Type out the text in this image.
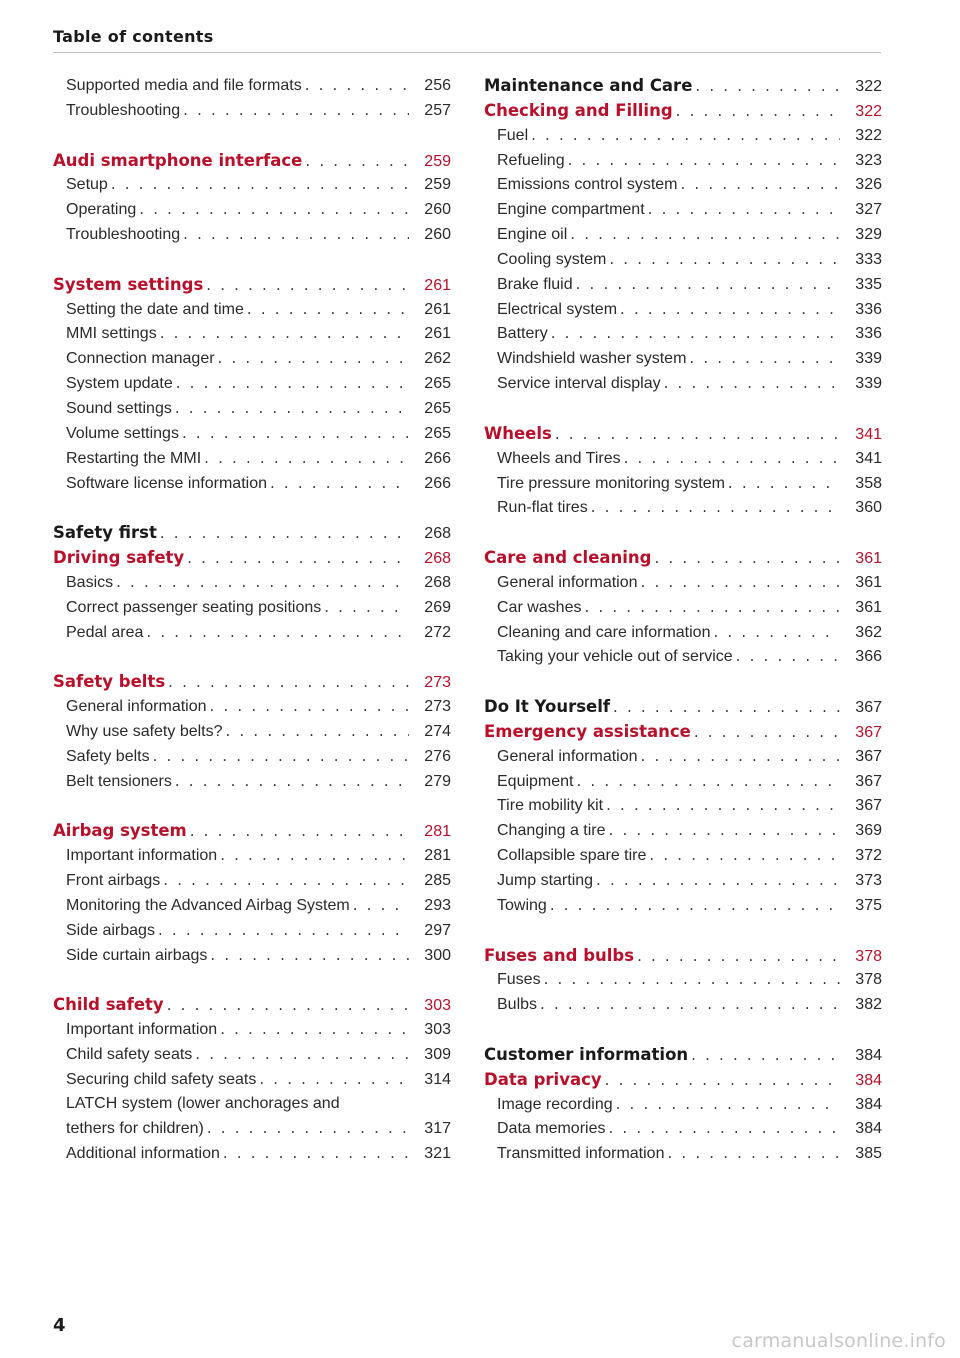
Table of contents
Supported media and file formats . . .	256
Troubleshooting . . .	257
Audi smartphone interface . . .	259
Setup . . .	259
Operating . . .	260
Troubleshooting . . .	260
System settings . . .	261
Setting the date and time . . .	261
MMI settings . . .	261
Connection manager . . .	262
System update . . .	265
Sound settings . . .	265
Volume settings . . .	265
Restarting the MMI . . .	266
Software license information . . .	266
Safety first . . .	268
Driving safety . . .	268
Basics . . .	268
Correct passenger seating positions . . .	269
Pedal area . . .	272
Safety belts . . .	273
General information . . .	273
Why use safety belts? . . .	274
Safety belts . . .	276
Belt tensioners . . .	279
Airbag system . . .	281
Important information . . .	281
Front airbags . . .	285
Monitoring the Advanced Airbag System . . .	293
Side airbags . . .	297
Side curtain airbags . . .	300
Child safety . . .	303
Important information . . .	303
Child safety seats . . .	309
Securing child safety seats . . .	314
LATCH system (lower anchorages and
tethers for children) . . .	317
Additional information . . .	321
Maintenance and Care . . .	322
Checking and Filling . . .	322
Fuel . . .	322
Refueling . . .	323
Emissions control system . . .	326
Engine compartment . . .	327
Engine oil . . .	329
Cooling system . . .	333
Brake fluid . . .	335
Electrical system . . .	336
Battery . . .	336
Windshield washer system . . .	339
Service interval display . . .	339
Wheels . . .	341
Wheels and Tires . . .	341
Tire pressure monitoring system . . .	358
Run-flat tires . . .	360
Care and cleaning . . .	361
General information . . .	361
Car washes . . .	361
Cleaning and care information . . .	362
Taking your vehicle out of service . . .	366
Do It Yourself . . .	367
Emergency assistance . . .	367
General information . . .	367
Equipment . . .	367
Tire mobility kit . . .	367
Changing a tire . . .	369
Collapsible spare tire . . .	372
Jump starting . . .	373
Towing . . .	375
Fuses and bulbs . . .	378
Fuses . . .	378
Bulbs . . .	382
Customer information . . .	384
Data privacy . . .	384
Image recording . . .	384
Data memories . . .	384
Transmitted information . . .	385
4
carmanualsonline.info
